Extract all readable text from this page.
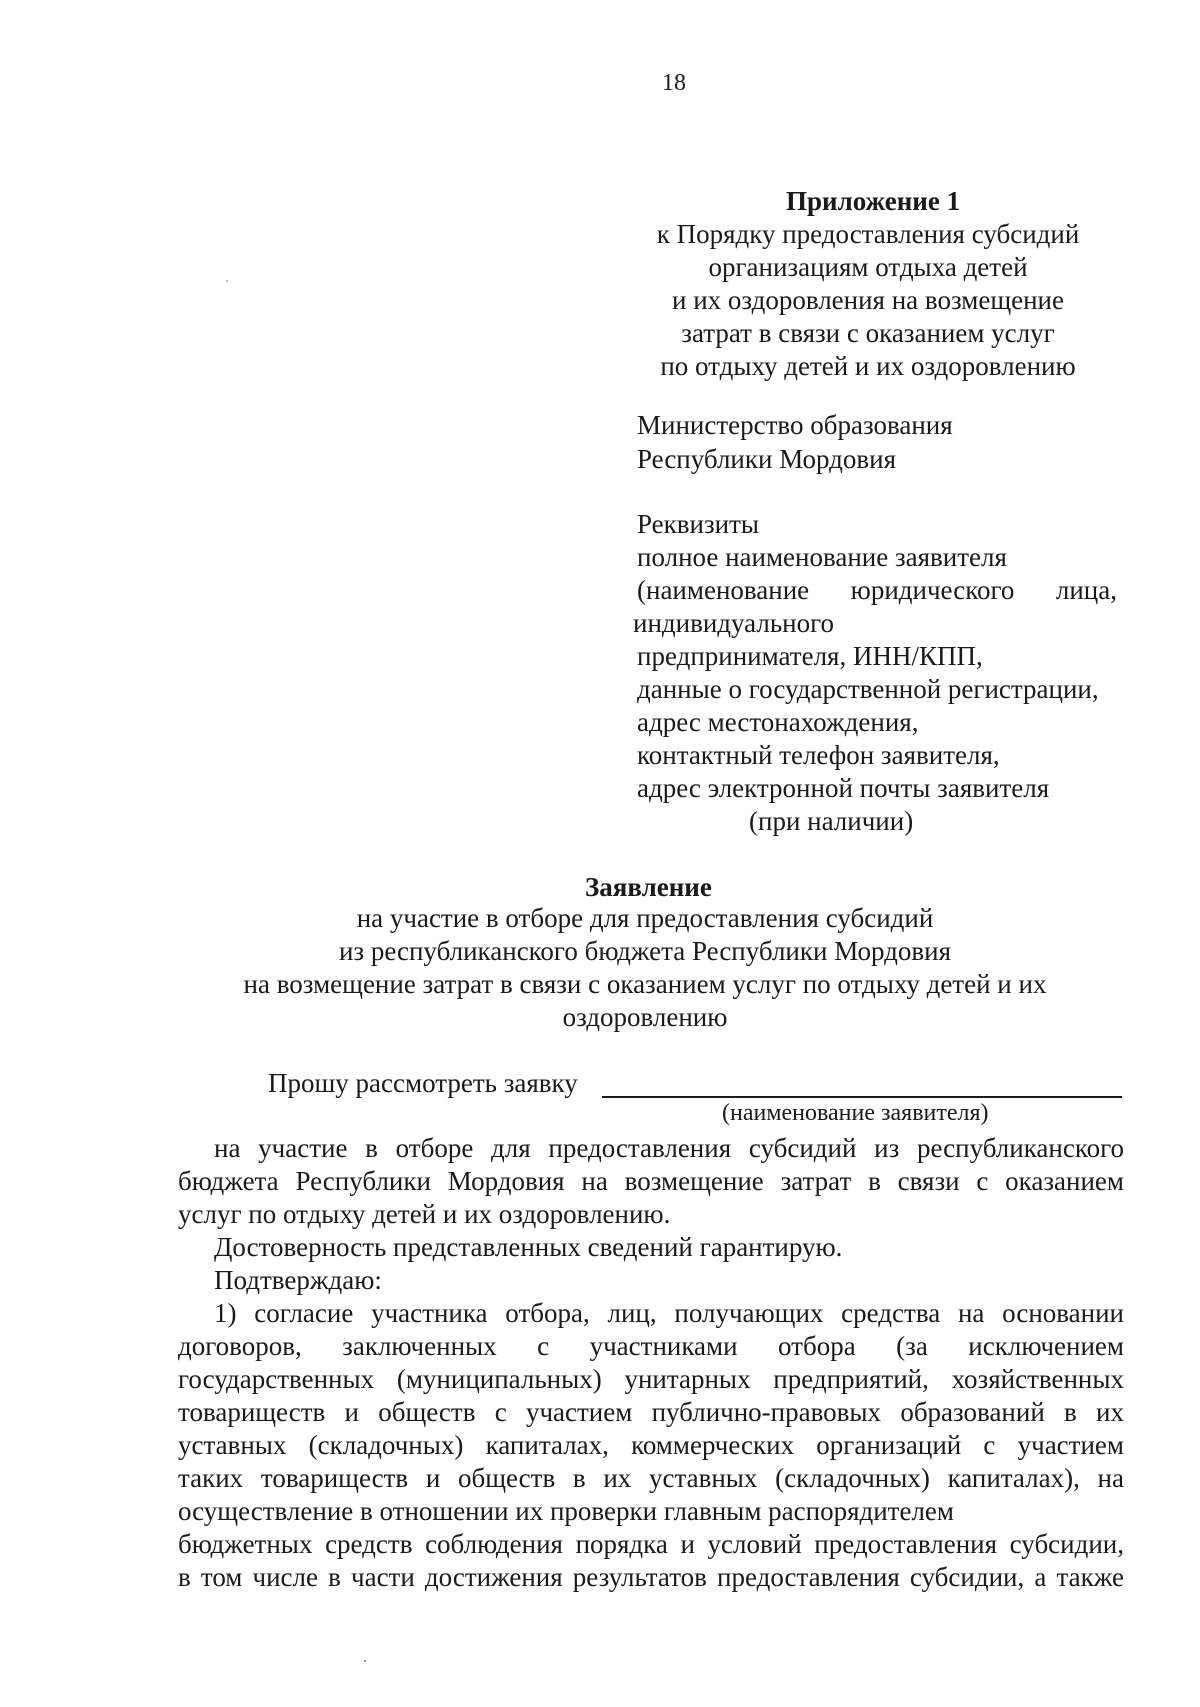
18
Приложение 1
к Порядку предоставления субсидий
организациям отдыха детей
и их оздоровления на возмещение
затрат в связи с оказанием услуг
по отдыху детей и их оздоровлению
Министерство образования
Республики Мордовия
Реквизиты
полное наименование заявителя
(наименование юридического лица,
индивидуального
предпринимателя, ИНН/КПП,
данные о государственной регистрации,
адрес местонахождения,
контактный телефон заявителя,
адрес электронной почты заявителя
(при наличии)
Заявление
на участие в отборе для предоставления субсидий
из республиканского бюджета Республики Мордовия
на возмещение затрат в связи с оказанием услуг по отдыху детей и их
оздоровлению
Прошу рассмотреть заявку
(наименование заявителя)

на участие в отборе для предоставления субсидий из республиканского

бюджета Республики Мордовия на возмещение затрат в связи с оказанием

услуг по отдыху детей и их оздоровлению.

Достоверность представленных сведений гарантирую.

Подтверждаю:

1) согласие участника отбора, лиц, получающих средства на основании

договоров, заключенных с участниками отбора (за исключением

государственных (муниципальных) унитарных предприятий, хозяйственных

товариществ и обществ с участием публично-правовых образований в их

уставных (складочных) капиталах, коммерческих организаций с участием

таких товариществ и обществ в их уставных (складочных) капиталах), на

осуществление в отношении их проверки главным распорядителем

бюджетных средств соблюдения порядка и условий предоставления субсидии,

в том числе в части достижения результатов предоставления субсидии, а также
